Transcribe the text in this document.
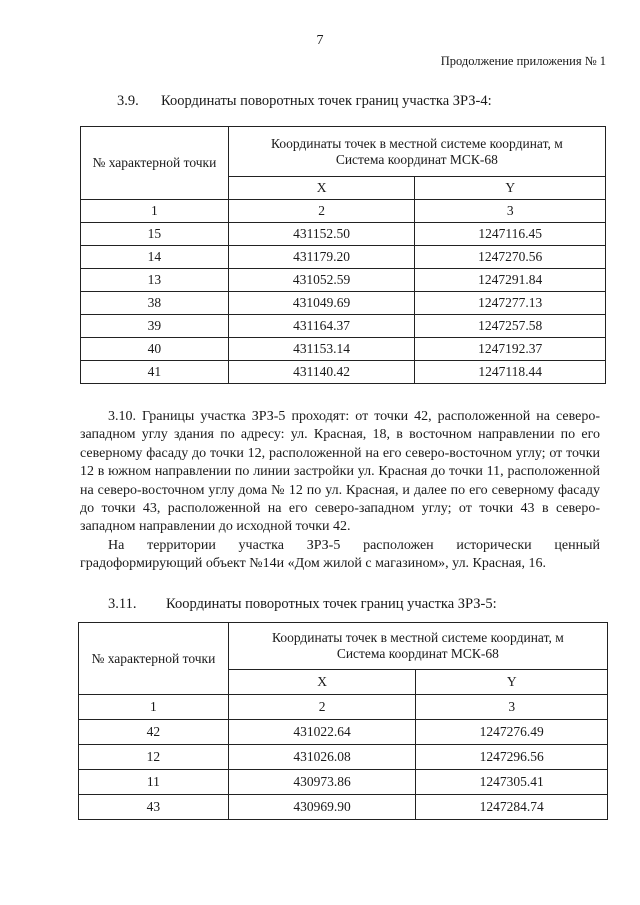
7
Продолжение приложения № 1
3.9. Координаты поворотных точек границ участка ЗРЗ-4:
№ характерной точки	Координаты точек в местной системе координат, м
Система координат МСК-68	

	X	Y
1	2	3
15	431152.50	1247116.45
14	431179.20	1247270.56
13	431052.59	1247291.84
38	431049.69	1247277.13
39	431164.37	1247257.58
40	431153.14	1247192.37
41	431140.42	1247118.44

3.10. Границы участка ЗРЗ-5 проходят: от точки 42, расположенной на северо-западном углу здания по адресу: ул. Красная, 18, в восточном направлении по его северному фасаду до точки 12, расположенной на его северо-восточном углу; от точки 12 в южном направлении по линии застройки ул. Красная до точки 11, расположенной на северо-восточном углу дома № 12 по ул. Красная, и далее по его северному фасаду до точки 43, расположенной на его северо-западном углу; от точки 43 в северо-западном направлении до исходной точки 42.

На территории участка ЗРЗ-5 расположен исторически ценный градоформирующий объект №14и «Дом жилой с магазином», ул. Красная, 16.

3.11. Координаты поворотных точек границ участка ЗРЗ-5:
№ характерной точки	Координаты точек в местной системе координат, м
Система координат МСК-68	

	X	Y
1	2	3
42	431022.64	1247276.49
12	431026.08	1247296.56
11	430973.86	1247305.41
43	430969.90	1247284.74
